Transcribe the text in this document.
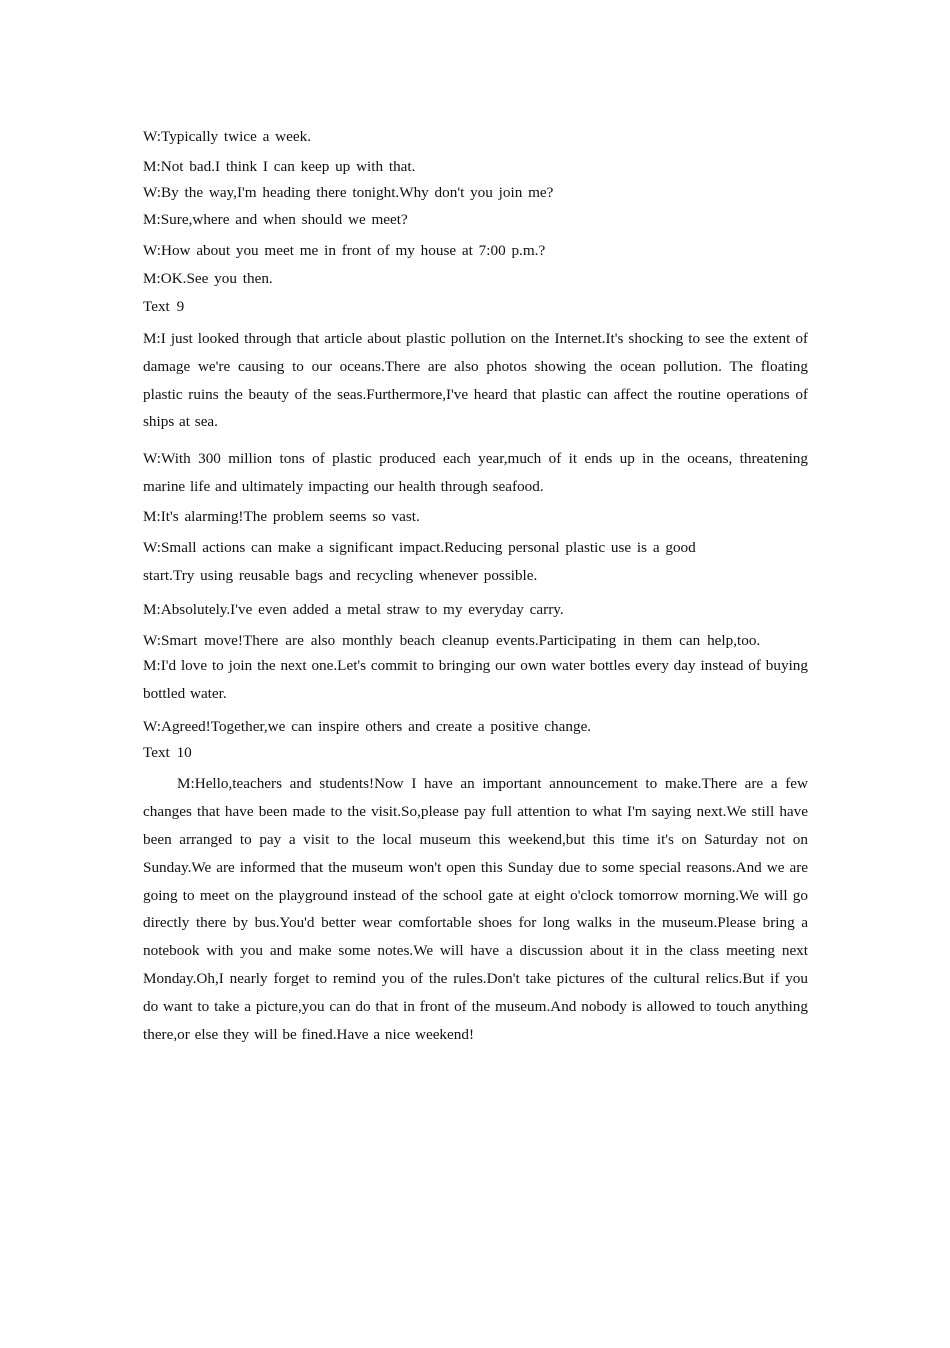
W:Typically twice a week.

M:Not bad.I think I can keep up with that.

W:By the way,I'm heading there tonight.Why don't you join me?

M:Sure,where and when should we meet?

W:How about you meet me in front of my house at 7:00 p.m.?

M:OK.See you then.

Text 9

M:I just looked through that article about plastic pollution on the Internet.It's shocking to see the extent of damage we're causing to our oceans.There are also photos showing the ocean pollution. The floating plastic ruins the beauty of the seas.Furthermore,I've heard that plastic can affect the routine operations of ships at sea.

W:With 300 million tons of plastic produced each year,much of it ends up in the oceans, threatening marine life and ultimately impacting our health through seafood.

M:It's alarming!The problem seems so vast.

W:Small actions can make a significant impact.Reducing personal plastic use is a good

start.Try using reusable bags and recycling whenever possible.

M:Absolutely.I've even added a metal straw to my everyday carry.

W:Smart move!There are also monthly beach cleanup events.Participating in them can help,too.

M:I'd love to join the next one.Let's commit to bringing our own water bottles every day instead of buying bottled water.

W:Agreed!Together,we can inspire others and create a positive change.

Text 10

M:Hello,teachers and students!Now I have an important announcement to make.There are a few changes that have been made to the visit.So,please pay full attention to what I'm saying next.We still have been arranged to pay a visit to the local museum this weekend,but this time it's on Saturday not on Sunday.We are informed that the museum won't open this Sunday due to some special reasons.And we are going to meet on the playground instead of the school gate at eight o'clock tomorrow morning.We will go directly there by bus.You'd better wear comfortable shoes for long walks in the museum.Please bring a notebook with you and make some notes.We will have a discussion about it in the class meeting next Monday.Oh,I nearly forget to remind you of the rules.Don't take pictures of the cultural relics.But if you do want to take a picture,you can do that in front of the museum.And nobody is allowed to touch anything there,or else they will be fined.Have a nice weekend!
